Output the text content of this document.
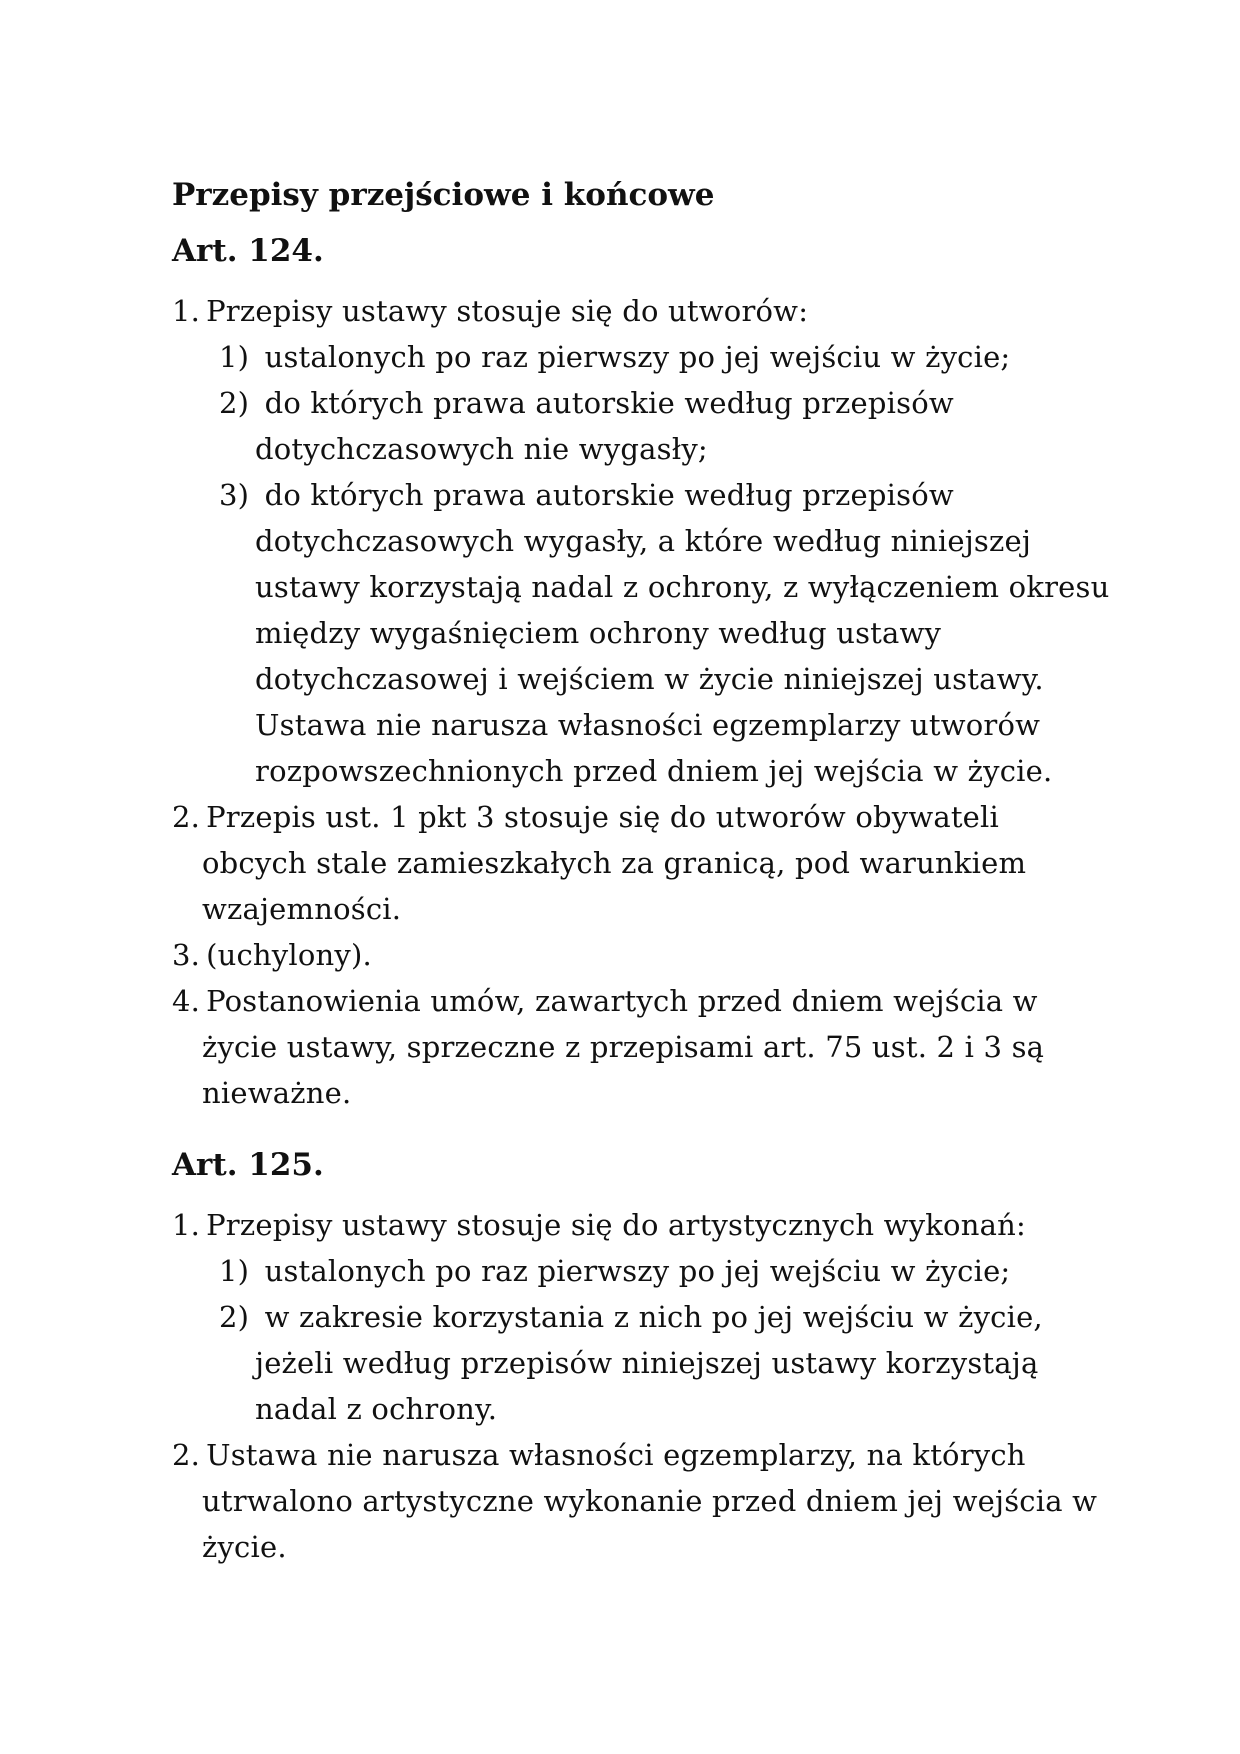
Przepisy przejściowe i końcowe
Art. 124.

1. Przepisy ustawy stosuje się do utworów:

1) ustalonych po raz pierwszy po jej wejściu w życie;

2) do których prawa autorskie według przepisów dotychczasowych nie wygasły;

3) do których prawa autorskie według przepisów dotychczasowych wygasły, a które według niniejszej ustawy korzystają nadal z ochrony, z wyłączeniem okresu między wygaśnięciem ochrony według ustawy dotychczasowej i wejściem w życie niniejszej ustawy. Ustawa nie narusza własności egzemplarzy utworów rozpowszechnionych przed dniem jej wejścia w życie.

2. Przepis ust. 1 pkt 3 stosuje się do utworów obywateli obcych stale zamieszkałych za granicą, pod warunkiem wzajemności.

3. (uchylony).

4. Postanowienia umów, zawartych przed dniem wejścia w życie ustawy, sprzeczne z przepisami art. 75 ust. 2 i 3 są nieważne.

Art. 125.

1. Przepisy ustawy stosuje się do artystycznych wykonań:

1) ustalonych po raz pierwszy po jej wejściu w życie;

2) w zakresie korzystania z nich po jej wejściu w życie, jeżeli według przepisów niniejszej ustawy korzystają nadal z ochrony.

2. Ustawa nie narusza własności egzemplarzy, na których utrwalono artystyczne wykonanie przed dniem jej wejścia w życie.
